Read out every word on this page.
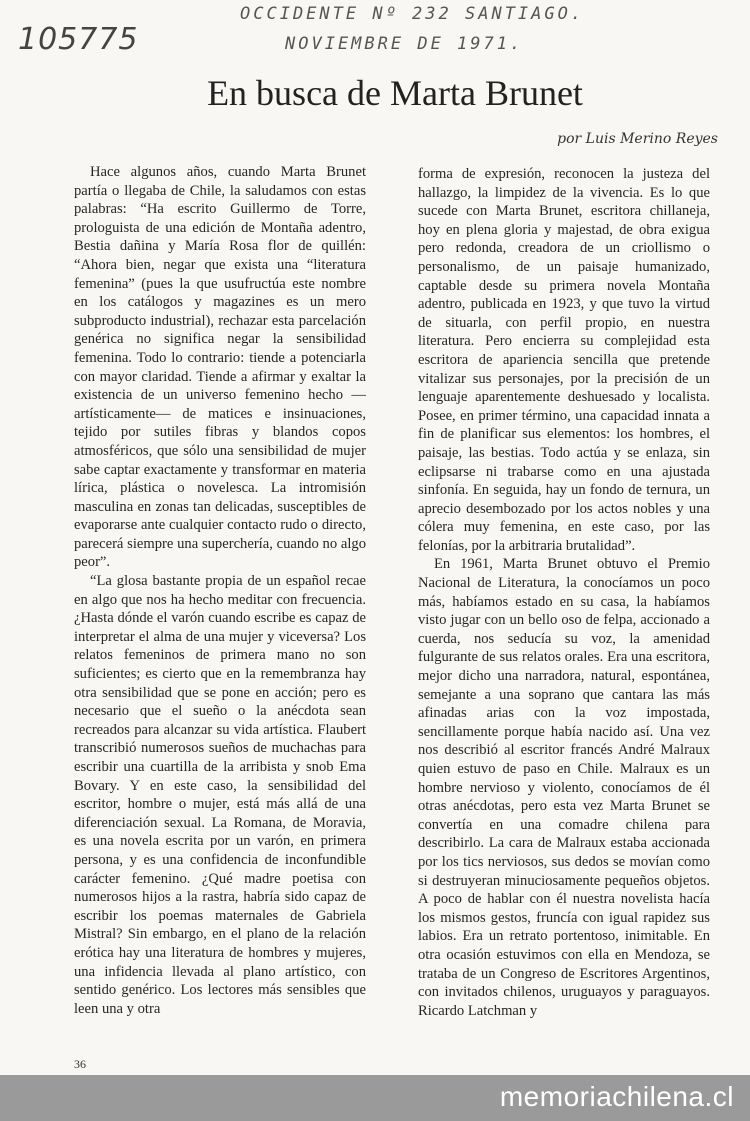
105775
OCCIDENTE Nº 232 SANTIAGO.
NOVIEMBRE DE 1971.
En busca de Marta Brunet
por Luis Merino Reyes

Hace algunos años, cuando Marta Brunet partía o llegaba de Chile, la saludamos con estas palabras: “Ha escrito Guillermo de Torre, prologuista de una edición de Montaña adentro, Bestia dañina y María Rosa flor de quillén: “Ahora bien, negar que exista una “literatura femenina” (pues la que usufructúa este nombre en los catálogos y magazines es un mero subproducto industrial), rechazar esta parcelación genérica no significa negar la sensibilidad femenina. Todo lo contrario: tiende a potenciarla con mayor claridad. Tiende a afirmar y exaltar la existencia de un universo femenino hecho —artísticamente— de matices e insinuaciones, tejido por sutiles fibras y blandos copos atmosféricos, que sólo una sensibilidad de mujer sabe captar exactamente y transformar en materia lírica, plástica o novelesca. La intromisión masculina en zonas tan delicadas, susceptibles de evaporarse ante cualquier contacto rudo o directo, parecerá siempre una superchería, cuando no algo peor”.

“La glosa bastante propia de un español recae en algo que nos ha hecho meditar con frecuencia. ¿Hasta dónde el varón cuando escribe es capaz de interpretar el alma de una mujer y viceversa? Los relatos femeninos de primera mano no son suficientes; es cierto que en la remembranza hay otra sensibilidad que se pone en acción; pero es necesario que el sueño o la anécdota sean recreados para alcanzar su vida artística. Flaubert transcribió numerosos sueños de muchachas para escribir una cuartilla de la arribista y snob Ema Bovary. Y en este caso, la sensibilidad del escritor, hombre o mujer, está más allá de una diferenciación sexual. La Romana, de Moravia, es una novela escrita por un varón, en primera persona, y es una confidencia de inconfundible carácter femenino. ¿Qué madre poetisa con numerosos hijos a la rastra, habría sido capaz de escribir los poemas maternales de Gabriela Mistral? Sin embargo, en el plano de la relación erótica hay una literatura de hombres y mujeres, una infidencia llevada al plano artístico, con sentido genérico. Los lectores más sensibles que leen una y otra

forma de expresión, reconocen la justeza del hallazgo, la limpidez de la vivencia. Es lo que sucede con Marta Brunet, escritora chillaneja, hoy en plena gloria y majestad, de obra exigua pero redonda, creadora de un criollismo o personalismo, de un paisaje humanizado, captable desde su primera novela Montaña adentro, publicada en 1923, y que tuvo la virtud de situarla, con perfil propio, en nuestra literatura. Pero encierra su complejidad esta escritora de apariencia sencilla que pretende vitalizar sus personajes, por la precisión de un lenguaje aparentemente deshuesado y localista. Posee, en primer término, una capacidad innata a fin de planificar sus elementos: los hombres, el paisaje, las bestias. Todo actúa y se enlaza, sin eclipsarse ni trabarse como en una ajustada sinfonía. En seguida, hay un fondo de ternura, un aprecio desembozado por los actos nobles y una cólera muy femenina, en este caso, por las felonías, por la arbitraria brutalidad”.

En 1961, Marta Brunet obtuvo el Premio Nacional de Literatura, la conocíamos un poco más, habíamos estado en su casa, la habíamos visto jugar con un bello oso de felpa, accionado a cuerda, nos seducía su voz, la amenidad fulgurante de sus relatos orales. Era una escritora, mejor dicho una narradora, natural, espontánea, semejante a una soprano que cantara las más afinadas arias con la voz impostada, sencillamente porque había nacido así. Una vez nos describió al escritor francés André Malraux quien estuvo de paso en Chile. Malraux es un hombre nervioso y violento, conocíamos de él otras anécdotas, pero esta vez Marta Brunet se convertía en una comadre chilena para describirlo. La cara de Malraux estaba accionada por los tics nerviosos, sus dedos se movían como si destruyeran minuciosamente pequeños objetos. A poco de hablar con él nuestra novelista hacía los mismos gestos, fruncía con igual rapidez sus labios. Era un retrato portentoso, inimitable. En otra ocasión estuvimos con ella en Mendoza, se trataba de un Congreso de Escritores Argentinos, con invitados chilenos, uruguayos y paraguayos. Ricardo Latchman y

36
memoriachilena.cl
